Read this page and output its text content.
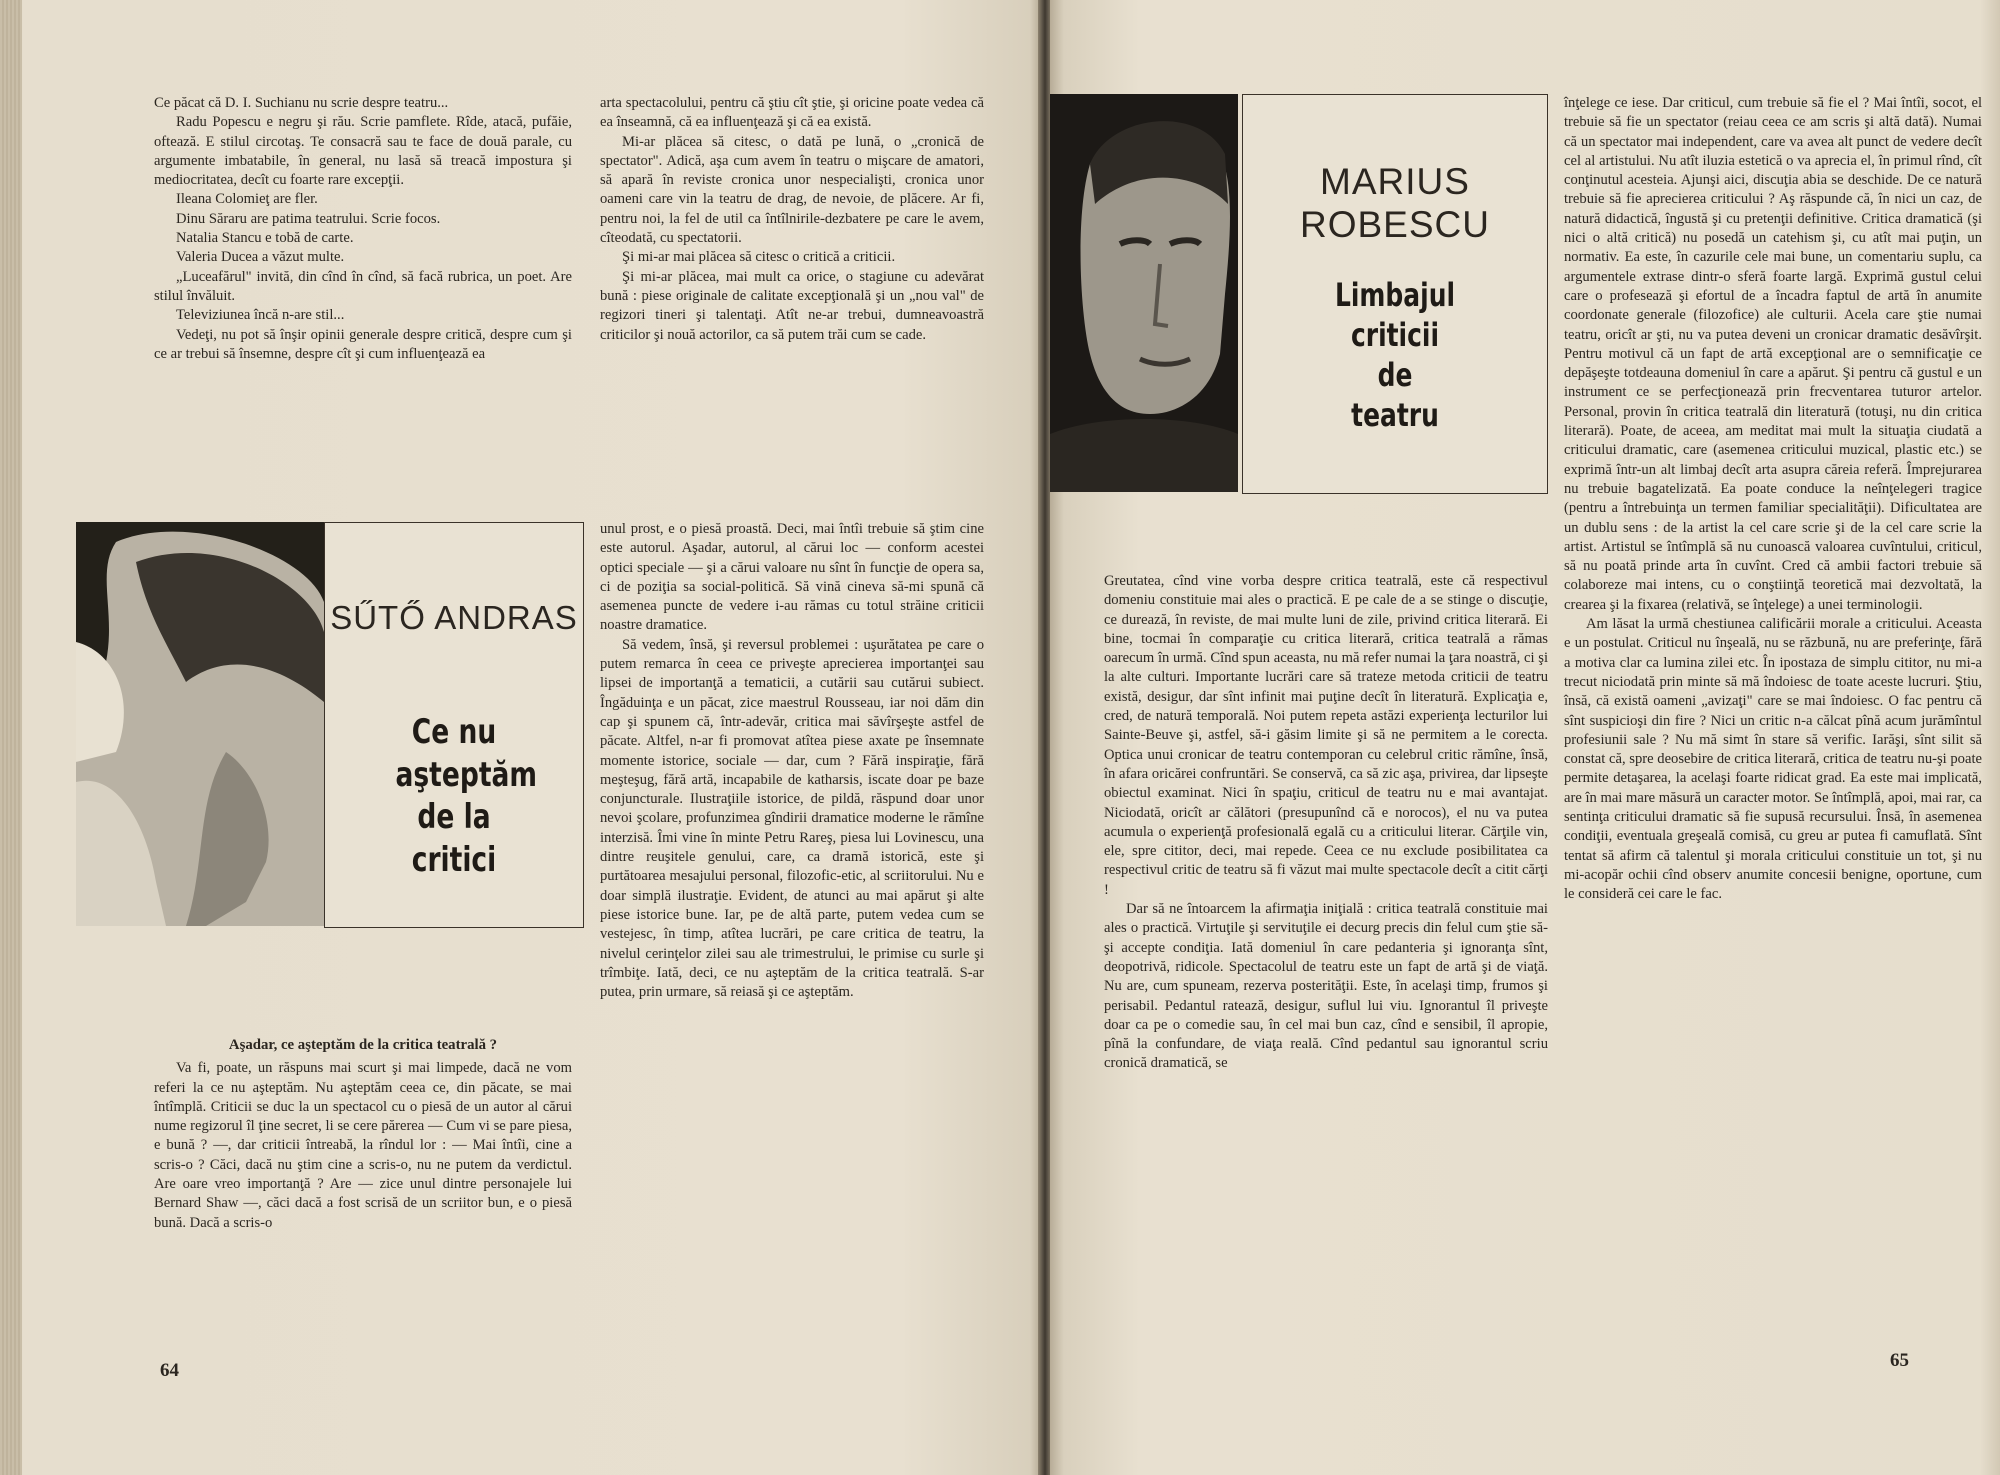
Ce păcat că D. I. Suchianu nu scrie despre teatru...

Radu Popescu e negru şi rău. Scrie pamflete. Rîde, atacă, pufăie, oftează. E stilul circotaş. Te consacră sau te face de două parale, cu argumente imbatabile, în general, nu lasă să treacă impostura şi mediocritatea, decît cu foarte rare excepţii.

Ileana Colomieţ are fler.

Dinu Săraru are patima teatrului. Scrie focos.

Natalia Stancu e tobă de carte.

Valeria Ducea a văzut multe.

„Luceafărul" invită, din cînd în cînd, să facă rubrica, un poet. Are stilul învăluit.

Televiziunea încă n-are stil...

Vedeţi, nu pot să înşir opinii generale despre critică, despre cum şi ce ar trebui să însemne, despre cît şi cum influenţează ea

arta spectacolului, pentru că ştiu cît ştie, şi oricine poate vedea că ea înseamnă, că ea influenţează şi că ea există.

Mi-ar plăcea să citesc, o dată pe lună, o „cronică de spectator". Adică, aşa cum avem în teatru o mişcare de amatori, să apară în reviste cronica unor nespecialişti, cronica unor oameni care vin la teatru de drag, de nevoie, de plăcere. Ar fi, pentru noi, la fel de util ca întîlnirile-dezbatere pe care le avem, cîteodată, cu spectatorii.

Şi mi-ar mai plăcea să citesc o critică a criticii.

Şi mi-ar plăcea, mai mult ca orice, o stagiune cu adevărat bună : piese originale de calitate excepţională şi un „nou val" de regizori tineri şi talentaţi. Atît ne-ar trebui, dumneavoastră criticilor şi nouă actorilor, ca să putem trăi cum se cade.

SŰTŐ ANDRAS
Ce nu aşteptăm de la critici

Aşadar, ce aşteptăm de la critica teatrală ?

Va fi, poate, un răspuns mai scurt şi mai limpede, dacă ne vom referi la ce nu aşteptăm. Nu aşteptăm ceea ce, din păcate, se mai întîmplă. Criticii se duc la un spectacol cu o piesă de un autor al cărui nume regizorul îl ţine secret, li se cere părerea — Cum vi se pare piesa, e bună ? —, dar criticii întreabă, la rîndul lor : — Mai întîi, cine a scris-o ? Căci, dacă nu ştim cine a scris-o, nu ne putem da verdictul. Are oare vreo importanţă ? Are — zice unul dintre personajele lui Bernard Shaw —, căci dacă a fost scrisă de un scriitor bun, e o piesă bună. Dacă a scris-o

unul prost, e o piesă proastă. Deci, mai întîi trebuie să ştim cine este autorul. Aşadar, autorul, al cărui loc — conform acestei optici speciale — şi a cărui valoare nu sînt în funcţie de opera sa, ci de poziţia sa social-politică. Să vină cineva să-mi spună că asemenea puncte de vedere i-au rămas cu totul străine criticii noastre dramatice.

Să vedem, însă, şi reversul problemei : uşurătatea pe care o putem remarca în ceea ce priveşte aprecierea importanţei sau lipsei de importanţă a tematicii, a cutării sau cutărui subiect. Îngăduinţa e un păcat, zice maestrul Rousseau, iar noi dăm din cap şi spunem că, într-adevăr, critica mai săvîrşeşte astfel de păcate. Altfel, n-ar fi promovat atîtea piese axate pe însemnate momente istorice, sociale — dar, cum ? Fără inspiraţie, fără meşteşug, fără artă, incapabile de katharsis, iscate doar pe baze conjuncturale. Ilustraţiile istorice, de pildă, răspund doar unor nevoi şcolare, profunzimea gîndirii dramatice moderne le rămîne interzisă. Îmi vine în minte Petru Rareş, piesa lui Lovinescu, una dintre reuşitele genului, care, ca dramă istorică, este şi purtătoarea mesajului personal, filozofic-etic, al scriitorului. Nu e doar simplă ilustraţie. Evident, de atunci au mai apărut şi alte piese istorice bune. Iar, pe de altă parte, putem vedea cum se vestejesc, în timp, atîtea lucrări, pe care critica de teatru, la nivelul cerinţelor zilei sau ale trimestrului, le primise cu surle şi trîmbiţe. Iată, deci, ce nu aşteptăm de la critica teatrală. S-ar putea, prin urmare, să reiasă şi ce aşteptăm.

64
MARIUS ROBESCU
Limbajul criticii de teatru

Greutatea, cînd vine vorba despre critica teatrală, este că respectivul domeniu constituie mai ales o practică. E pe cale de a se stinge o discuţie, ce durează, în reviste, de mai multe luni de zile, privind critica literară. Ei bine, tocmai în comparaţie cu critica literară, critica teatrală a rămas oarecum în urmă. Cînd spun aceasta, nu mă refer numai la ţara noastră, ci şi la alte culturi. Importante lucrări care să trateze metoda criticii de teatru există, desigur, dar sînt infinit mai puţine decît în literatură. Explicaţia e, cred, de natură temporală. Noi putem repeta astăzi experienţa lecturilor lui Sainte-Beuve şi, astfel, să-i găsim limite şi să ne permitem a le corecta. Optica unui cronicar de teatru contemporan cu celebrul critic rămîne, însă, în afara oricărei confruntări. Se conservă, ca să zic aşa, privirea, dar lipseşte obiectul examinat. Nici în spaţiu, criticul de teatru nu e mai avantajat. Niciodată, oricît ar călători (presupunînd că e norocos), el nu va putea acumula o experienţă profesională egală cu a criticului literar. Cărţile vin, ele, spre cititor, deci, mai repede. Ceea ce nu exclude posibilitatea ca respectivul critic de teatru să fi văzut mai multe spectacole decît a citit cărţi !

Dar să ne întoarcem la afirmaţia iniţială : critica teatrală constituie mai ales o practică. Virtuţile şi servituţile ei decurg precis din felul cum ştie să-şi accepte condiţia. Iată domeniul în care pedanteria şi ignoranţa sînt, deopotrivă, ridicole. Spectacolul de teatru este un fapt de artă şi de viaţă. Nu are, cum spuneam, rezerva posterităţii. Este, în acelaşi timp, frumos şi perisabil. Pedantul ratează, desigur, suflul lui viu. Ignorantul îl priveşte doar ca pe o comedie sau, în cel mai bun caz, cînd e sensibil, îl apropie, pînă la confundare, de viaţa reală. Cînd pedantul sau ignorantul scriu cronică dramatică, se

înţelege ce iese. Dar criticul, cum trebuie să fie el ? Mai întîi, socot, el trebuie să fie un spectator (reiau ceea ce am scris şi altă dată). Numai că un spectator mai independent, care va avea alt punct de vedere decît cel al artistului. Nu atît iluzia estetică o va aprecia el, în primul rînd, cît conţinutul acesteia. Ajunşi aici, discuţia abia se deschide. De ce natură trebuie să fie aprecierea criticului ? Aş răspunde că, în nici un caz, de natură didactică, îngustă şi cu pretenţii definitive. Critica dramatică (şi nici o altă critică) nu posedă un catehism şi, cu atît mai puţin, un normativ. Ea este, în cazurile cele mai bune, un comentariu suplu, ca argumentele extrase dintr-o sferă foarte largă. Exprimă gustul celui care o profesează şi efortul de a încadra faptul de artă în anumite coordonate generale (filozofice) ale culturii. Acela care ştie numai teatru, oricît ar şti, nu va putea deveni un cronicar dramatic desăvîrşit. Pentru motivul că un fapt de artă excepţional are o semnificaţie ce depăşeşte totdeauna domeniul în care a apărut. Şi pentru că gustul e un instrument ce se perfecţionează prin frecventarea tuturor artelor. Personal, provin în critica teatrală din literatură (totuşi, nu din critica literară). Poate, de aceea, am meditat mai mult la situaţia ciudată a criticului dramatic, care (asemenea criticului muzical, plastic etc.) se exprimă într-un alt limbaj decît arta asupra căreia referă. Împrejurarea nu trebuie bagatelizată. Ea poate conduce la neînţelegeri tragice (pentru a întrebuinţa un termen familiar specialităţii). Dificultatea are un dublu sens : de la artist la cel care scrie şi de la cel care scrie la artist. Artistul se întîmplă să nu cunoască valoarea cuvîntului, criticul, să nu poată prinde arta în cuvînt. Cred că ambii factori trebuie să colaboreze mai intens, cu o conştiinţă teoretică mai dezvoltată, la crearea şi la fixarea (relativă, se înţelege) a unei terminologii.

Am lăsat la urmă chestiunea calificării morale a criticului. Aceasta e un postulat. Criticul nu înşeală, nu se răzbună, nu are preferinţe, fără a motiva clar ca lumina zilei etc. În ipostaza de simplu cititor, nu mi-a trecut niciodată prin minte să mă îndoiesc de toate aceste lucruri. Ştiu, însă, că există oameni „avizaţi" care se mai îndoiesc. O fac pentru că sînt suspicioşi din fire ? Nici un critic n-a călcat pînă acum jurămîntul profesiunii sale ? Nu mă simt în stare să verific. Iarăşi, sînt silit să constat că, spre deosebire de critica literară, critica de teatru nu-şi poate permite detaşarea, la acelaşi foarte ridicat grad. Ea este mai implicată, are în mai mare măsură un caracter motor. Se întîmplă, apoi, mai rar, ca sentinţa criticului dramatic să fie supusă recursului. Însă, în asemenea condiţii, eventuala greşeală comisă, cu greu ar putea fi camuflată. Sînt tentat să afirm că talentul şi morala criticului constituie un tot, şi nu mi-acopăr ochii cînd observ anumite concesii benigne, oportune, cum le consideră cei care le fac.

65
